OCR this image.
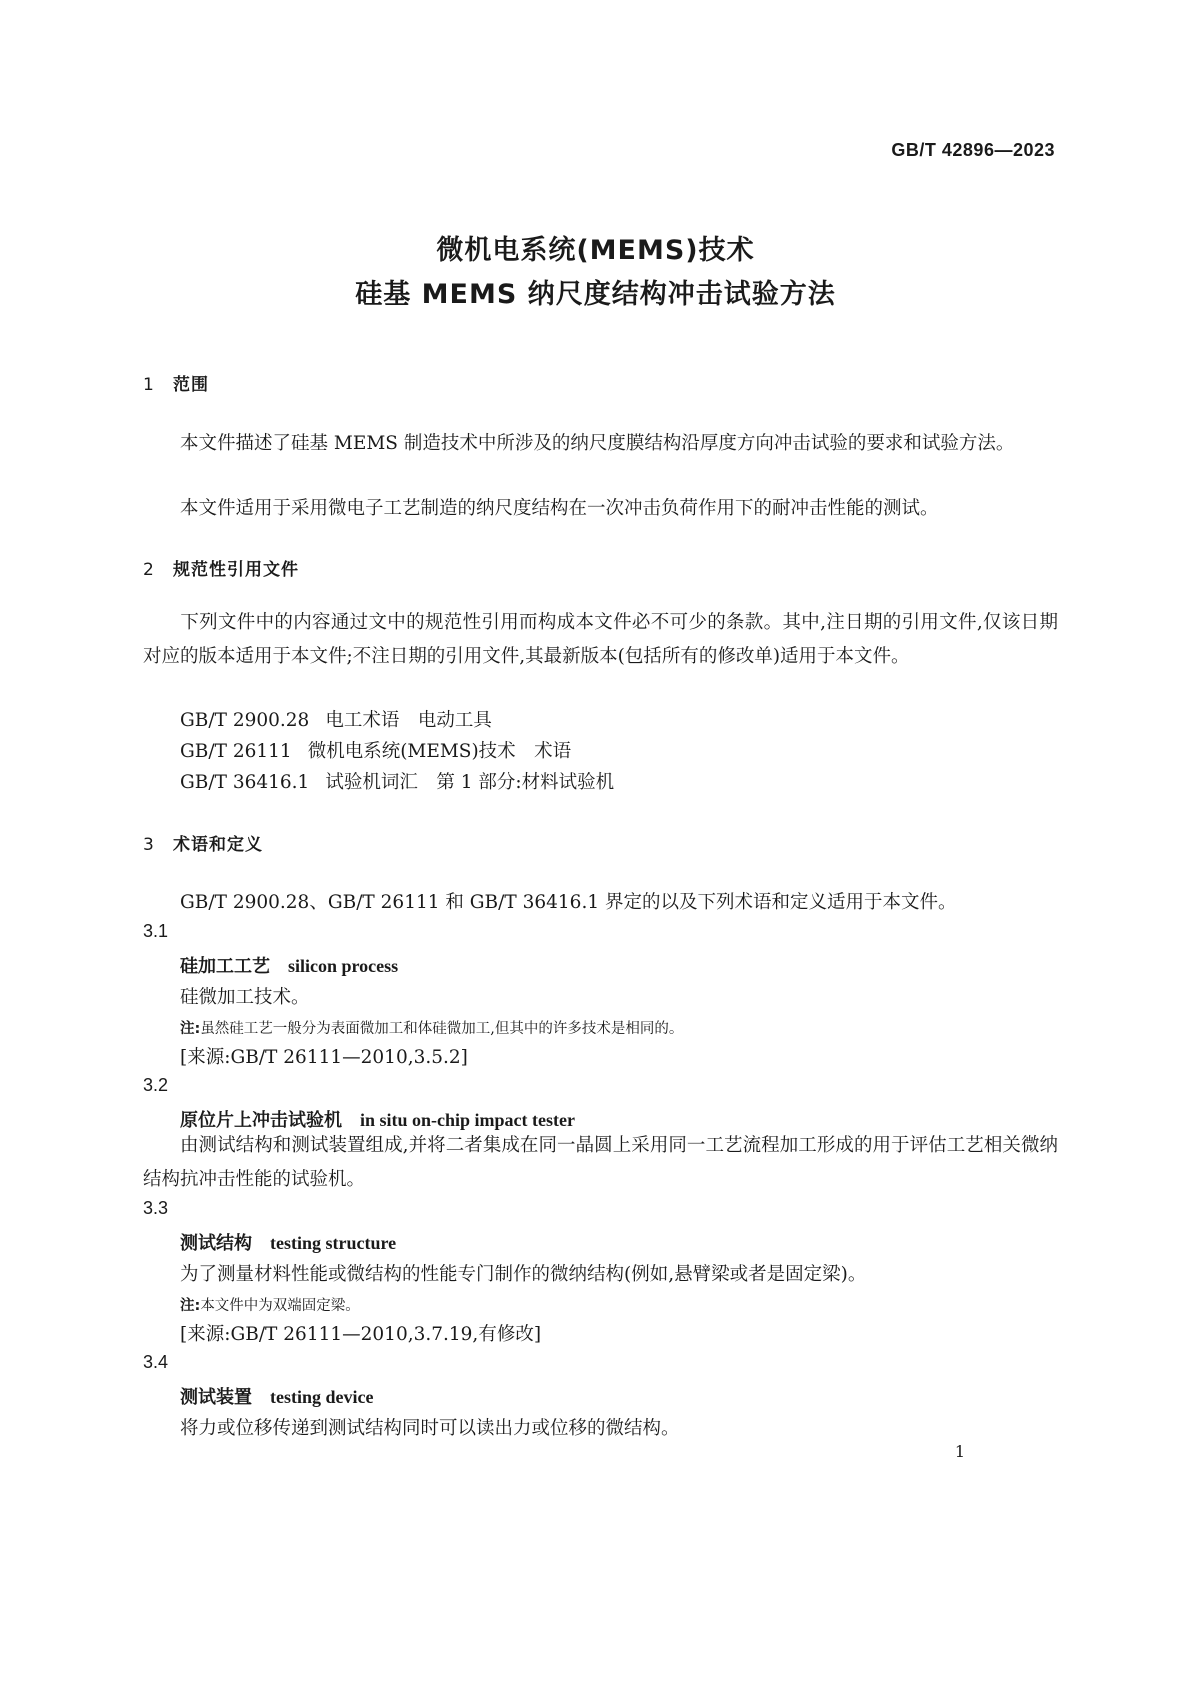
GB/T 42896—2023
微机电系统(MEMS)技术
硅基 MEMS 纳尺度结构冲击试验方法
1 范围
本文件描述了硅基 MEMS 制造技术中所涉及的纳尺度膜结构沿厚度方向冲击试验的要求和试验方法。
本文件适用于采用微电子工艺制造的纳尺度结构在一次冲击负荷作用下的耐冲击性能的测试。
2 规范性引用文件
下列文件中的内容通过文中的规范性引用而构成本文件必不可少的条款。其中,注日期的引用文件,仅该日期对应的版本适用于本文件;不注日期的引用文件,其最新版本(包括所有的修改单)适用于本文件。
GB/T 2900.28 电工术语　电动工具
GB/T 26111 微机电系统(MEMS)技术　术语
GB/T 36416.1 试验机词汇　第 1 部分:材料试验机
3 术语和定义
GB/T 2900.28、GB/T 26111 和 GB/T 36416.1 界定的以及下列术语和定义适用于本文件。
3.1
硅加工工艺 silicon process
硅微加工技术。
注:虽然硅工艺一般分为表面微加工和体硅微加工,但其中的许多技术是相同的。
[来源:GB/T 26111—2010,3.5.2]
3.2
原位片上冲击试验机 in situ on-chip impact tester
由测试结构和测试装置组成,并将二者集成在同一晶圆上采用同一工艺流程加工形成的用于评估工艺相关微纳结构抗冲击性能的试验机。
3.3
测试结构 testing structure
为了测量材料性能或微结构的性能专门制作的微纳结构(例如,悬臂梁或者是固定梁)。
注:本文件中为双端固定梁。
[来源:GB/T 26111—2010,3.7.19,有修改]
3.4
测试装置 testing device
将力或位移传递到测试结构同时可以读出力或位移的微结构。
1
